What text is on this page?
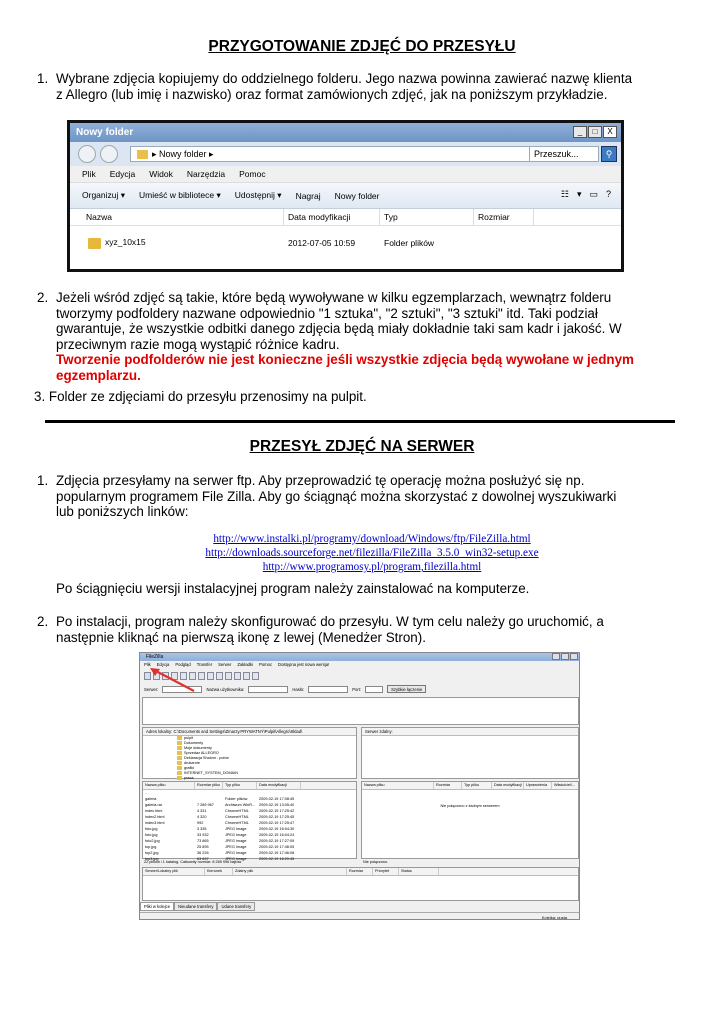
PRZYGOTOWANIE ZDJĘĆ DO PRZESYŁU
1. Wybrane zdjęcia kopiujemy do oddzielnego folderu. Jego nazwa powinna zawierać nazwę klienta
z Allegro (lub imię i nazwisko) oraz format zamówionych zdjęć, jak na poniższym przykładzie.
Nowy folder	_	□	X
▸ Nowy folder ▸	Przeszuk...	⚲
Plik Edycja Widok Narzędzia Pomoc
Organizuj ▾ Umieść w bibliotece ▾ Udostępnij ▾ Nagraj Nowy folder	☷ ▾ ▭ ?
Nazwa	Data modyfikacji	Typ	Rozmiar
xyz_10x15	2012-07-05 10:59	Folder plików
2. Jeżeli wśród zdjęć są takie, które będą wywoływane w kilku egzemplarzach, wewnątrz folderu
tworzymy podfoldery nazwane odpowiednio "1 sztuka", "2 sztuki", "3 sztuki" itd. Taki podział
gwarantuje, że wszystkie odbitki danego zdjęcia będą miały dokładnie taki sam kadr i jakość. W
przeciwnym razie mogą wystąpić różnice kadru.
Tworzenie podfolderów nie jest konieczne jeśli wszystkie zdjęcia będą wywołane w jednym
egzemplarzu.
3. Folder ze zdjęciami do przesyłu przenosimy na pulpit.
PRZESYŁ ZDJĘĆ NA SERWER
1. Zdjęcia przesyłamy na serwer ftp. Aby przeprowadzić tę operację można posłużyć się np.
popularnym programem File Zilla. Aby go ściągnąć można skorzystać z dowolnej wyszukiwarki
lub poniższych linków:
http://www.instalki.pl/programy/download/Windows/ftp/FileZilla.html
http://downloads.sourceforge.net/filezilla/FileZilla_3.5.0_win32-setup.exe
http://www.programosy.pl/program,filezilla.html
Po ściągnięciu wersji instalacyjnej program należy zainstalować na komputerze.
2. Po instalacji, program należy skonfigurować do przesyłu. W tym celu należy go uruchomić, a
następnie kliknąć na pierwszą ikonę z lewej (Menedżer Stron).
FileZilla
Plik Edycja Podgląd Transfer Serwer Zakładki Pomoc Dostępna jest nowa wersja!
Serwer:	Nazwa użytkownika:	Hasło:	Port:	Szybkie łączenie
Adres lokalny: C:\Documents and Settings\Zmarzy.PRYWATNY\Pulpit\Allegro\Sklad\
pulpit
Dokumenty
Moje dokumenty
Sprzedaz ALLEGRO
Deklaracja Shalom - pobór
drukarnie
grafiki
INTERNET_SYSTEM_DOMAIN
praca
Serwer zdalny:
Nazwa pliku	Rozmiar pliku	Typ pliku	Data modyfikacji
..
galeria	Folder plików	2009-02-19 17:08:45
galeria.rar	7 289 967	Archiwum WinR...	2009-02-19 13:05:40
index.html	4 331	ChromeHTML	2009-02-19 17:25:42
index2.html	4 320	ChromeHTML	2009-02-19 17:25:45
index3.html	992	ChromeHTML	2009-02-19 17:25:47
foto.jpg	3 335	JPEG Image	2009-02-19 16:04:30
foto.jpg	33 932	JPEG Image	2009-02-19 16:04:24
foto2.jpg	73 865	JPEG Image	2009-02-19 17:27:09
top.jpg	25 895	JPEG Image	2009-02-19 17:46:05
top2.jpg	36 226	JPEG Image	2009-02-19 17:46:08
top3.jpg	63 637	JPEG Image	2009-02-19 16:20:45
22 plików i 1 katalog. Całkowity rozmiar: 8 265 996 bajtów
Nazwa pliku	Rozmiar	Typ pliku	Data modyfikacji	Uprawnienia	Właściciel/...
Nie połączono z żadnym serwerem
Nie połączono.
Serwer/Lokalny plik	Kierunek	Zdalny plik	Rozmiar	Priorytet	Status
Pliki w kolejce	Nieudane transfery	Udane transfery
Kolejka: pusta
